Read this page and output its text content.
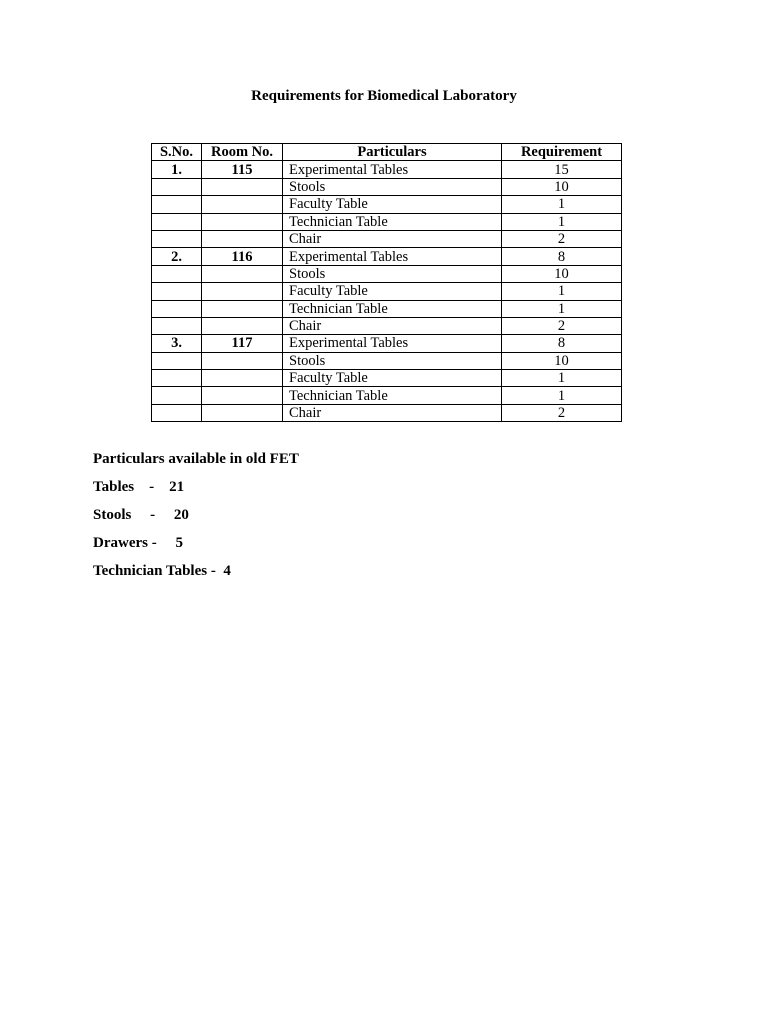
Requirements for Biomedical Laboratory
S.No.	Room No.	Particulars	Requirement
1.	115	Experimental Tables	15
		Stools	10
		Faculty Table	1
		Technician Table	1
		Chair	2
2.	116	Experimental Tables	8
		Stools	10
		Faculty Table	1
		Technician Table	1
		Chair	2
3.	117	Experimental Tables	8
		Stools	10
		Faculty Table	1
		Technician Table	1
		Chair	2
Particulars available in old FET
Tables    -    21
Stools     -     20
Drawers -     5
Technician Tables -  4
